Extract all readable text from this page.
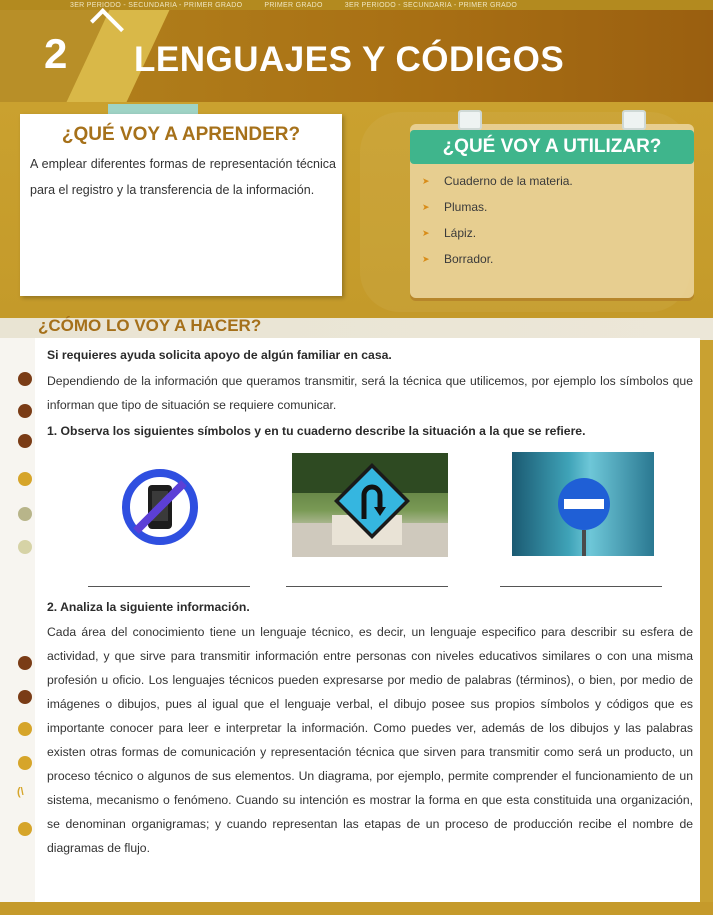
3ER PERIODO - SECUNDARIA - PRIMER GRADO	PRIMER GRADO	3ER PERIODO - SECUNDARIA - PRIMER GRADO
2 LENGUAJES Y CÓDIGOS
¿QUÉ VOY A APRENDER?
A emplear diferentes formas de representación técnica para el registro y la transferencia de la información.
¿QUÉ VOY A UTILIZAR?
➤ Cuaderno de la materia.
➤ Plumas.
➤ Lápiz.
➤ Borrador.
¿CÓMO LO VOY A HACER?
(\
Si requieres ayuda solicita apoyo de algún familiar en casa.
Dependiendo de la información que queramos transmitir, será la técnica que utilicemos, por ejemplo los símbolos que informan que tipo de situación se requiere comunicar.
1. Observa los siguientes símbolos y en tu cuaderno describe la situación a la que se refiere.
2. Analiza la siguiente información.
Cada área del conocimiento tiene un lenguaje técnico, es decir, un lenguaje especifico para describir su esfera de actividad, y que sirve para transmitir información entre personas con niveles educativos similares o con una misma profesión u oficio. Los lenguajes técnicos pueden expresarse por medio de palabras (términos), o bien, por medio de imágenes o dibujos, pues al igual que el lenguaje verbal, el dibujo posee sus propios símbolos y códigos que es importante conocer para leer e interpretar la información. Como puedes ver, además de los dibujos y las palabras existen otras formas de comunicación y representación técnica que sirven para transmitir como será un producto, un proceso técnico o algunos de sus elementos. Un diagrama, por ejemplo, permite comprender el funcionamiento de un sistema, mecanismo o fenómeno. Cuando su intención es mostrar la forma en que esta constituida una organización, se denominan organigramas; y cuando representan las etapas de un proceso de producción recibe el nombre de diagramas de flujo.
